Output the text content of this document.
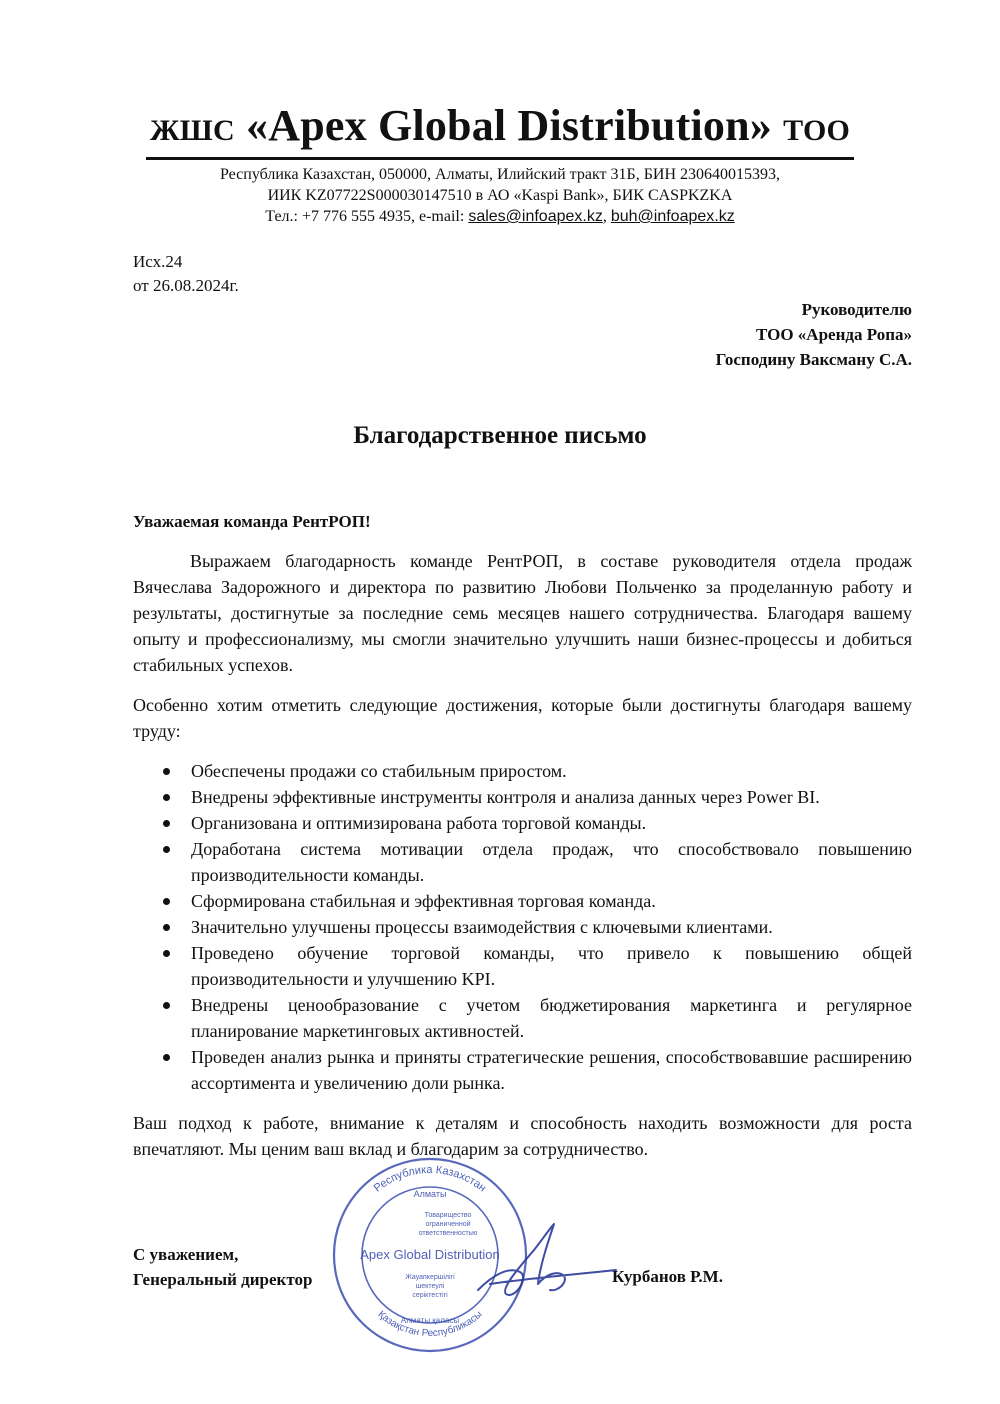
ЖШС «Apex Global Distribution» ТОО
Республика Казахстан, 050000, Алматы, Илийский тракт 31Б, БИН 230640015393,
ИИК KZ07722S000030147510 в АО «Kaspi Bank», БИК CASPKZKA
Тел.: +7 776 555 4935, e-mail: sales@infoapex.kz, buh@infoapex.kz
Исх.24
от 26.08.2024г.
Руководителю
ТОО «Аренда Ропа»
Господину Ваксману С.А.
Благодарственное письмо
Уважаемая команда РентРОП!

Выражаем благодарность команде РентРОП, в составе руководителя отдела продаж Вячеслава Задорожного и директора по развитию Любови Польченко за проделанную работу и результаты, достигнутые за последние семь месяцев нашего сотрудничества. Благодаря вашему опыту и профессионализму, мы смогли значительно улучшить наши бизнес-процессы и добиться стабильных успехов.

Особенно хотим отметить следующие достижения, которые были достигнуты благодаря вашему труду:

Обеспечены продажи со стабильным приростом.
Внедрены эффективные инструменты контроля и анализа данных через Power BI.
Организована и оптимизирована работа торговой команды.
Доработана система мотивации отдела продаж, что способствовало повышению производительности команды.
Сформирована стабильная и эффективная торговая команда.
Значительно улучшены процессы взаимодействия с ключевыми клиентами.
Проведено обучение торговой команды, что привело к повышению общей производительности и улучшению KPI.
Внедрены ценообразование с учетом бюджетирования маркетинга и регулярное планирование маркетинговых активностей.
Проведен анализ рынка и приняты стратегические решения, способствовавшие расширению ассортимента и увеличению доли рынка.

Ваш подход к работе, внимание к деталям и способность находить возможности для роста впечатляют. Мы ценим ваш вклад и благодарим за сотрудничество.

С уважением,
Генеральный директор	Курбанов Р.М.
Республика Казахстан
Қазақстан Республикасы
Алматы
Товарищество
ограниченной
ответственностью
Apex Global Distribution
Жауапкершілігі
шектеулі
серіктестігі
Алматы қаласы
